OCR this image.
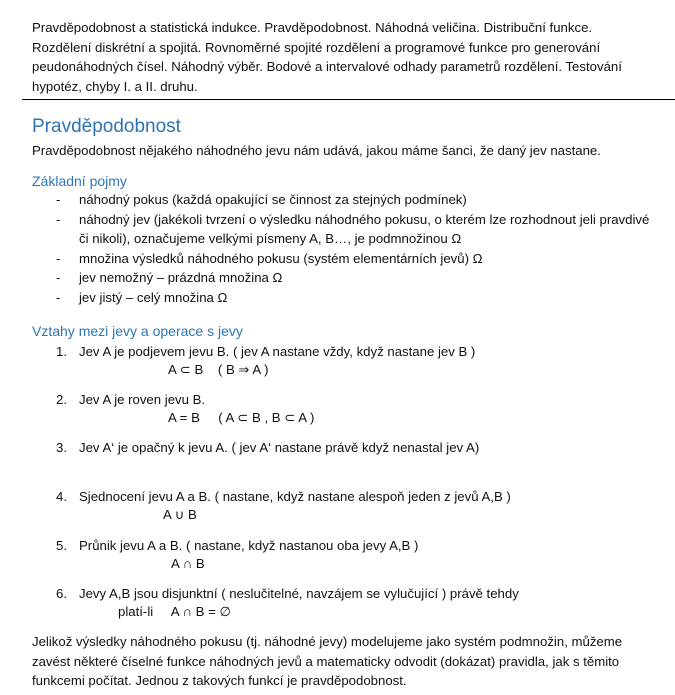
Pravděpodobnost a statistická indukce. Pravděpodobnost. Náhodná veličina. Distribuční funkce. Rozdělení diskrétní a spojitá. Rovnoměrné spojité rozdělení a programové funkce pro generování peudonáhodných čísel. Náhodný výběr. Bodové a intervalové odhady parametrů rozdělení. Testování hypotéz, chyby I. a II. druhu.
Pravděpodobnost
Pravděpodobnost nějakého náhodného jevu nám udává, jakou máme šanci, že daný jev nastane.
Základní pojmy
- náhodný pokus (každá opakující se činnost za stejných podmínek)
- náhodný jev (jakékoli tvrzení o výsledku náhodného pokusu, o kterém lze rozhodnout jeli pravdivé či nikoli), označujeme velkými písmeny A, B…, je podmnožinou Ω
- množina výsledků náhodného pokusu (systém elementárních jevů) Ω
- jev nemožný – prázdná množina Ω
- jev jistý – celý množina Ω
Vztahy mezi jevy a operace s jevy
1. Jev A je podjevem jevu B. ( jev A nastane vždy, když nastane jev B )
A ⊂ B    ( B ⇒ A )
2. Jev A je roven jevu B.
A = B     ( A ⊂ B , B ⊂ A )
3. Jev A‘ je opačný k jevu A. ( jev A‘ nastane právě když nenastal jev A)
4. Sjednocení jevu A a B. ( nastane, když nastane alespoň jeden z jevů A,B )
A ∪ B
5. Průnik jevu A a B. ( nastane, když nastanou oba jevy A,B )
A ∩ B
6. Jevy A,B jsou disjunktní ( neslučitelné, navzájem se vylučující ) právě tehdy
platí-li     A ∩ B = ∅
Jelikož výsledky náhodného pokusu (tj. náhodné jevy) modelujeme jako systém podmnožin, můžeme zavést některé číselné funkce náhodných jevů a matematicky odvodit (dokázat) pravidla, jak s těmito funkcemi počítat. Jednou z takových funkcí je pravděpodobnost.
